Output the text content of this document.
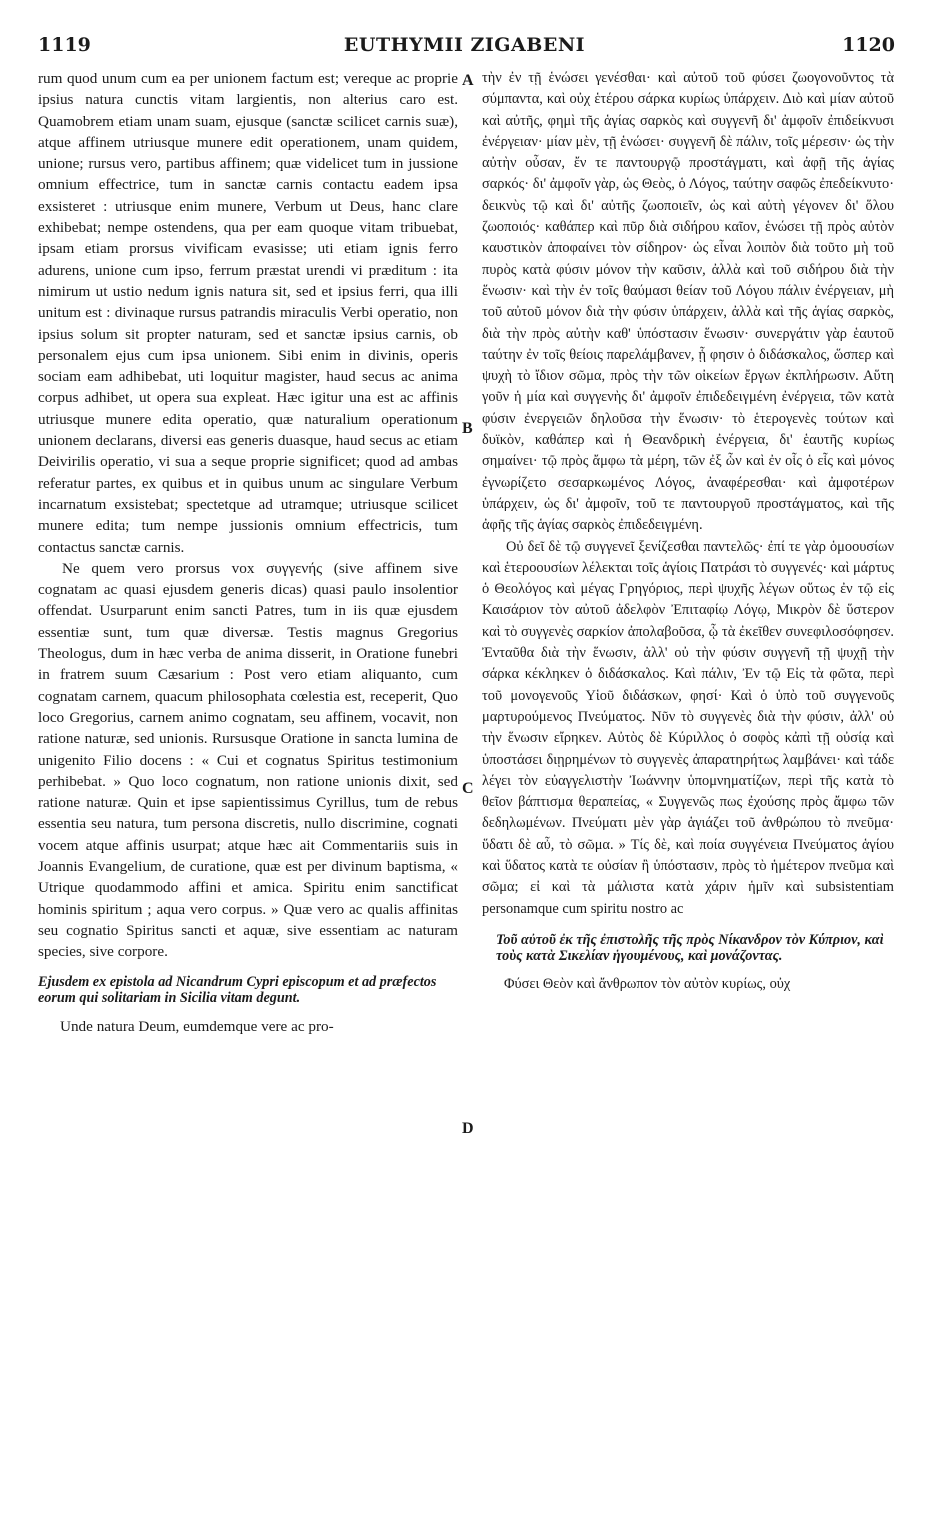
1119	EUTHYMII ZIGABENI	1120

rum quod unum cum ea per unionem factum est; vereque ac proprie ipsius natura cunctis vitam largientis, non alterius caro est. Quamobrem etiam unam suam, ejusque (sanctæ scilicet carnis suæ), atque affinem utriusque munere edit operationem, unam quidem, unione; rursus vero, partibus affinem; quæ videlicet tum in jussione omnium effectrice, tum in sanctæ carnis contactu eadem ipsa exsisteret : utriusque enim munere, Verbum ut Deus, hanc clare exhibebat; nempe ostendens, qua per eam quoque vitam tribuebat, ipsam etiam prorsus vivificam evasisse; uti etiam ignis ferro adurens, unione cum ipso, ferrum præstat urendi vi præditum : ita nimirum ut ustio nedum ignis natura sit, sed et ipsius ferri, qua illi unitum est : divinaque rursus patrandis miraculis Verbi operatio, non ipsius solum sit propter naturam, sed et sanctæ ipsius carnis, ob personalem ejus cum ipsa unionem. Sibi enim in divinis, operis sociam eam adhibebat, uti loquitur magister, haud secus ac anima corpus adhibet, ut opera sua expleat. Hæc igitur una est ac affinis utriusque munere edita operatio, quæ naturalium operationum unionem declarans, diversi eas generis duasque, haud secus ac etiam Deivirilis operatio, vi sua a seque proprie significet; quod ad ambas referatur partes, ex quibus et in quibus unum ac singulare Verbum incarnatum exsistebat; spectetque ad utramque; utriusque scilicet munere edita; tum nempe jussionis omnium effectricis, tum contactus sanctæ carnis.

Ne quem vero prorsus vox συγγενής (sive affinem sive cognatam ac quasi ejusdem generis dicas) quasi paulo insolentior offendat. Usurparunt enim sancti Patres, tum in iis quæ ejusdem essentiæ sunt, tum quæ diversæ. Testis magnus Gregorius Theologus, dum in hæc verba de anima disserit, in Oratione funebri in fratrem suum Cæsarium : Post vero etiam aliquanto, cum cognatam carnem, quacum philosophata cœlestia est, receperit, Quo loco Gregorius, carnem animo cognatam, seu affinem, vocavit, non ratione naturæ, sed unionis. Rursusque Oratione in sancta lumina de unigenito Filio docens : « Cui et cognatus Spiritus testimonium perhibebat. » Quo loco cognatum, non ratione unionis dixit, sed ratione naturæ. Quin et ipse sapientissimus Cyrillus, tum de rebus essentia seu natura, tum persona discretis, nullo discrimine, cognati vocem atque affinis usurpat; atque hæc ait Commentariis suis in Joannis Evangelium, de curatione, quæ est per divinum baptisma, « Utrique quodammodo affini et amica. Spiritu enim sanctificat hominis spiritum ; aqua vero corpus. » Quæ vero ac qualis affinitas seu cognatio Spiritus sancti et aquæ, sive essentiam ac naturam species, sive corpore.

Ejusdem ex epistola ad Nicandrum Cypri episcopum et ad præfectos eorum qui solitariam in Sicilia vitam degunt.

Unde natura Deum, eumdemque vere ac pro-

A
B
C
D

τὴν ἐν τῇ ἑνώσει γενέσθαι· καὶ αὐτοῦ τοῦ φύσει ζωογονοῦντος τὰ σύμπαντα, καὶ οὐχ ἑτέρου σάρκα κυρίως ὑπάρχειν. Διὸ καὶ μίαν αὐτοῦ καὶ αὐτῆς, φημὶ τῆς ἁγίας σαρκὸς καὶ συγγενῆ δι' ἀμφοῖν ἐπιδείκνυσι ἐνέργειαν· μίαν μὲν, τῇ ἑνώσει· συγγενῆ δὲ πάλιν, τοῖς μέρεσιν· ὡς τὴν αὐτὴν οὖσαν, ἔν τε παντουργῷ προστάγματι, καὶ ἀφῇ τῆς ἁγίας σαρκός· δι' ἀμφοῖν γὰρ, ὡς Θεὸς, ὁ Λόγος, ταύτην σαφῶς ἐπεδείκνυτο· δεικνὺς τῷ καὶ δι' αὐτῆς ζωοποιεῖν, ὡς καὶ αὐτὴ γέγονεν δι' ὅλου ζωοποιός· καθάπερ καὶ πῦρ διὰ σιδήρου καῖον, ἑνώσει τῇ πρὸς αὐτὸν καυστικὸν ἀποφαίνει τὸν σίδηρον· ὡς εἶναι λοιπὸν διὰ τοῦτο μὴ τοῦ πυρὸς κατὰ φύσιν μόνον τὴν καῦσιν, ἀλλὰ καὶ τοῦ σιδήρου διὰ τὴν ἕνωσιν· καὶ τὴν ἐν τοῖς θαύμασι θείαν τοῦ Λόγου πάλιν ἐνέργειαν, μὴ τοῦ αὐτοῦ μόνον διὰ τὴν φύσιν ὑπάρχειν, ἀλλὰ καὶ τῆς ἁγίας σαρκὸς, διὰ τὴν πρὸς αὐτὴν καθ' ὑπόστασιν ἕνωσιν· συνεργάτιν γὰρ ἑαυτοῦ ταύτην ἐν τοῖς θείοις παρελάμβανεν, ᾗ φησιν ὁ διδάσκαλος, ὥσπερ καὶ ψυχὴ τὸ ἴδιον σῶμα, πρὸς τὴν τῶν οἰκείων ἔργων ἐκπλήρωσιν. Αὕτη γοῦν ἡ μία καὶ συγγενὴς δι' ἀμφοῖν ἐπιδεδειγμένη ἐνέργεια, τῶν κατὰ φύσιν ἐνεργειῶν δηλοῦσα τὴν ἕνωσιν· τὸ ἑτερογενὲς τούτων καὶ δυϊκὸν, καθάπερ καὶ ἡ Θεανδρικὴ ἐνέργεια, δι' ἑαυτῆς κυρίως σημαίνει· τῷ πρὸς ἄμφω τὰ μέρη, τῶν ἐξ ὧν καὶ ἐν οἷς ὁ εἷς καὶ μόνος ἐγνωρίζετο σεσαρκωμένος Λόγος, ἀναφέρεσθαι· καὶ ἀμφοτέρων ὑπάρχειν, ὡς δι' ἀμφοῖν, τοῦ τε παντουργοῦ προστάγματος, καὶ τῆς ἀφῆς τῆς ἁγίας σαρκὸς ἐπιδεδειγμένη.

Οὐ δεῖ δὲ τῷ συγγενεῖ ξενίζεσθαι παντελῶς· ἐπί τε γὰρ ὁμοουσίων καὶ ἑτεροουσίων λέλεκται τοῖς ἁγίοις Πατράσι τὸ συγγενές· καὶ μάρτυς ὁ Θεολόγος καὶ μέγας Γρηγόριος, περὶ ψυχῆς λέγων οὕτως ἐν τῷ εἰς Καισάριον τὸν αὐτοῦ ἀδελφὸν Ἐπιταφίῳ Λόγῳ, Μικρὸν δὲ ὕστερον καὶ τὸ συγγενὲς σαρκίον ἀπολαβοῦσα, ᾧ τὰ ἐκεῖθεν συνεφιλοσόφησεν. Ἐνταῦθα διὰ τὴν ἕνωσιν, ἀλλ' οὐ τὴν φύσιν συγγενῆ τῇ ψυχῇ τὴν σάρκα κέκληκεν ὁ διδάσκαλος. Καὶ πάλιν, Ἐν τῷ Εἰς τὰ φῶτα, περὶ τοῦ μονογενοῦς Υἱοῦ διδάσκων, φησί· Καὶ ὁ ὑπὸ τοῦ συγγενοῦς μαρτυρούμενος Πνεύματος. Νῦν τὸ συγγενὲς διὰ τὴν φύσιν, ἀλλ' οὐ τὴν ἕνωσιν εἴρηκεν. Αὐτὸς δὲ Κύριλλος ὁ σοφὸς κἀπὶ τῇ οὐσίᾳ καὶ ὑποστάσει διῃρημένων τὸ συγγενὲς ἀπαρατηρήτως λαμβάνει· καὶ τάδε λέγει τὸν εὐαγγελιστὴν Ἰωάννην ὑπομνηματίζων, περὶ τῆς κατὰ τὸ θεῖον βάπτισμα θεραπείας, « Συγγενῶς πως ἐχούσης πρὸς ἄμφω τῶν δεδηλωμένων. Πνεύματι μὲν γὰρ ἁγιάζει τοῦ ἀνθρώπου τὸ πνεῦμα· ὕδατι δὲ αὖ, τὸ σῶμα. » Τίς δὲ, καὶ ποία συγγένεια Πνεύματος ἁγίου καὶ ὕδατος κατὰ τε οὐσίαν ἢ ὑπόστασιν, πρὸς τὸ ἡμέτερον πνεῦμα καὶ σῶμα; εἰ καὶ τὰ μάλιστα κατὰ χάριν ἡμῖν καὶ subsistentiam personamque cum spiritu nostro ac

Τοῦ αὐτοῦ ἐκ τῆς ἐπιστολῆς τῆς πρὸς Νίκανδρον τὸν Κύπριον, καὶ τοὺς κατὰ Σικελίαν ἡγουμένους, καὶ μονάζοντας.

Φύσει Θεὸν καὶ ἄνθρωπον τὸν αὐτὸν κυρίως, οὐχ
